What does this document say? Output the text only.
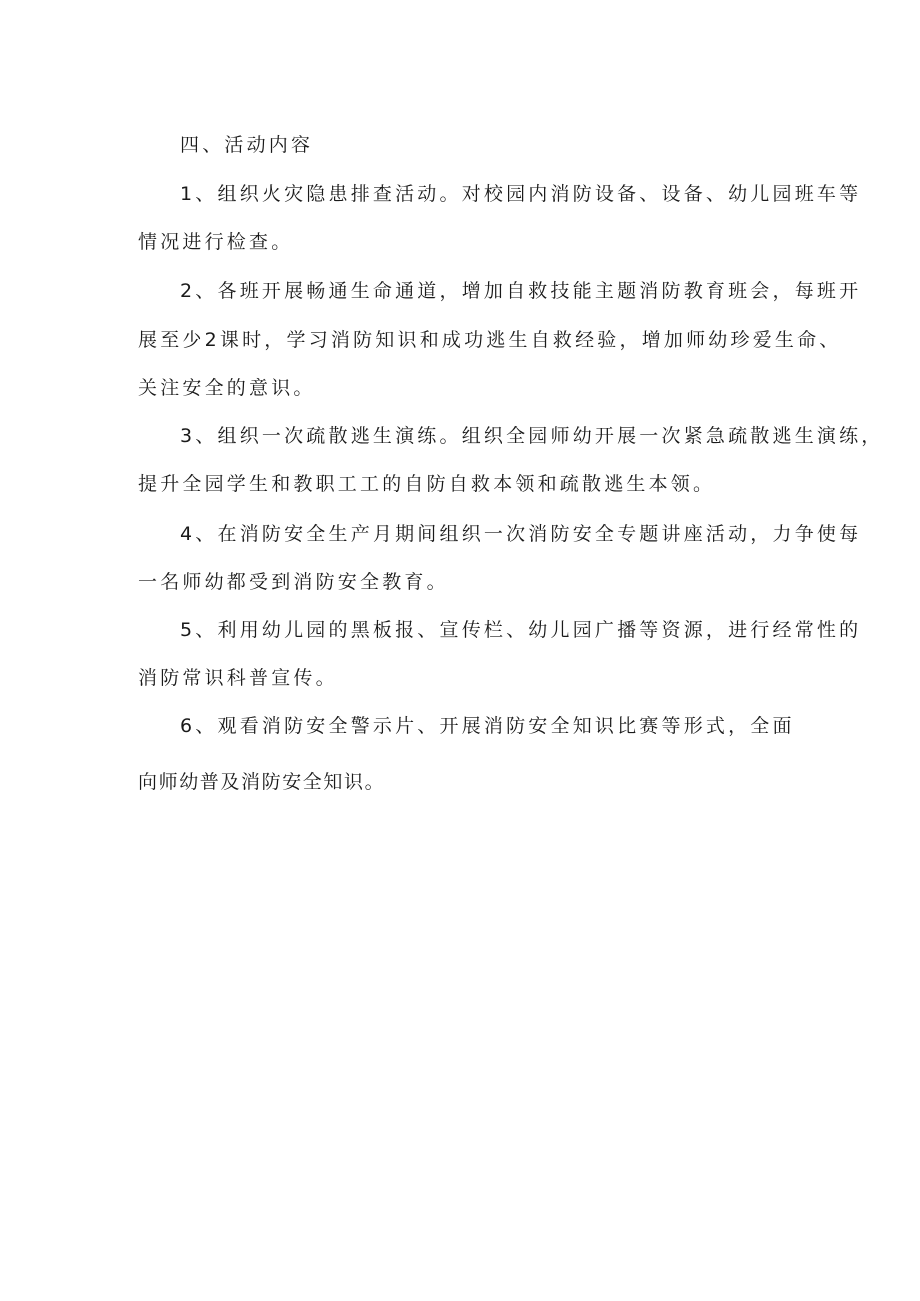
四、活动内容

1、组织火灾隐患排查活动。对校园内消防设备、设备、幼儿园班车等

情况进行检查。

2、各班开展畅通生命通道，增加自救技能主题消防教育班会，每班开

展至少2课时，学习消防知识和成功逃生自救经验，增加师幼珍爱生命、

关注安全的意识。

3、组织一次疏散逃生演练。组织全园师幼开展一次紧急疏散逃生演练，

提升全园学生和教职工工的自防自救本领和疏散逃生本领。

4、在消防安全生产月期间组织一次消防安全专题讲座活动，力争使每

一名师幼都受到消防安全教育。

5、利用幼儿园的黑板报、宣传栏、幼儿园广播等资源，进行经常性的

消防常识科普宣传。

6、观看消防安全警示片、开展消防安全知识比赛等形式，全面

向师幼普及消防安全知识。
